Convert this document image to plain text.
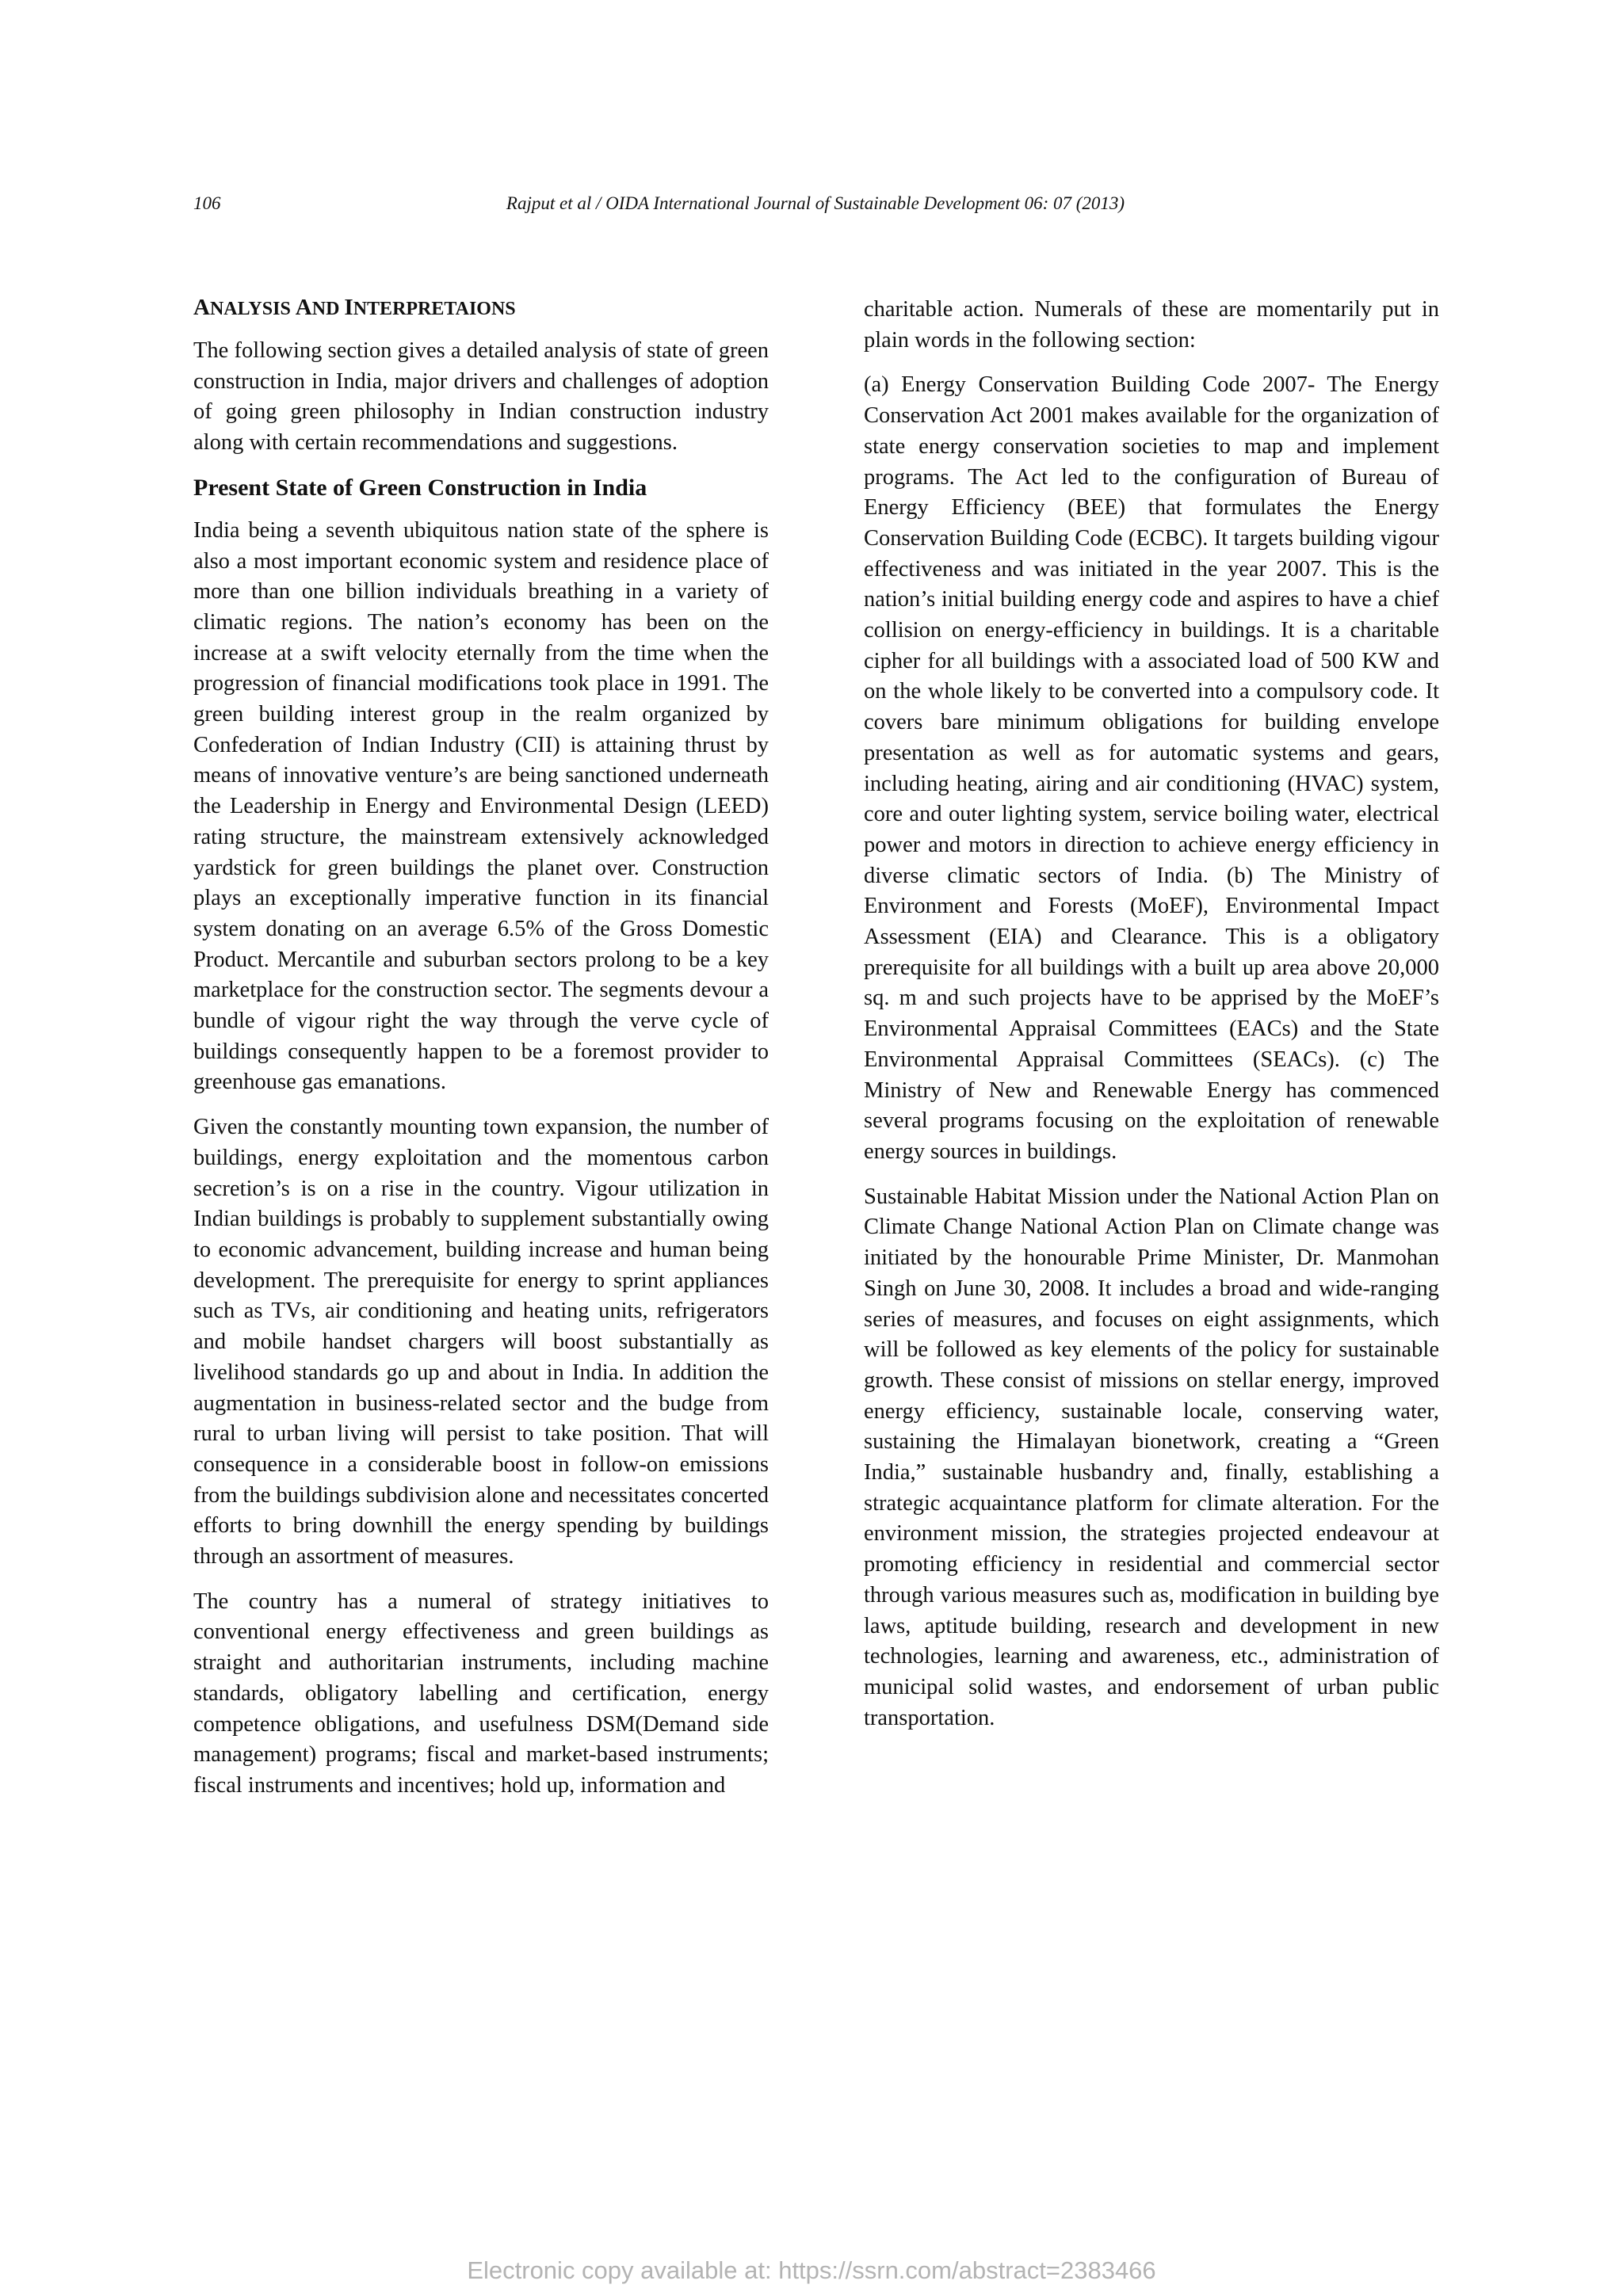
106	Rajput et al / OIDA International Journal of Sustainable Development 06: 07 (2013)
ANALYSIS AND INTERPRETAIONS

The following section gives a detailed analysis of state of green construction in India, major drivers and challenges of adoption of going green philosophy in Indian construction industry along with certain recommendations and suggestions.

Present State of Green Construction in India

India being a seventh ubiquitous nation state of the sphere is also a most important economic system and residence place of more than one billion individuals breathing in a variety of climatic regions. The nation’s economy has been on the increase at a swift velocity eternally from the time when the progression of financial modifications took place in 1991. The green building interest group in the realm organized by Confederation of Indian Industry (CII) is attaining thrust by means of innovative venture’s are being sanctioned underneath the Leadership in Energy and Environmental Design (LEED) rating structure, the mainstream extensively acknowledged yardstick for green buildings the planet over. Construction plays an exceptionally imperative function in its financial system donating on an average 6.5% of the Gross Domestic Product. Mercantile and suburban sectors prolong to be a key marketplace for the construction sector. The segments devour a bundle of vigour right the way through the verve cycle of buildings consequently happen to be a foremost provider to greenhouse gas emanations.

Given the constantly mounting town expansion, the number of buildings, energy exploitation and the momentous carbon secretion’s is on a rise in the country. Vigour utilization in Indian buildings is probably to supplement substantially owing to economic advancement, building increase and human being development. The prerequisite for energy to sprint appliances such as TVs, air conditioning and heating units, refrigerators and mobile handset chargers will boost substantially as livelihood standards go up and about in India. In addition the augmentation in business-related sector and the budge from rural to urban living will persist to take position. That will consequence in a considerable boost in follow-on emissions from the buildings subdivision alone and necessitates concerted efforts to bring downhill the energy spending by buildings through an assortment of measures.

The country has a numeral of strategy initiatives to conventional energy effectiveness and green buildings as straight and authoritarian instruments, including machine standards, obligatory labelling and certification, energy competence obligations, and usefulness DSM(Demand side management) programs; fiscal and market-based instruments; fiscal instruments and incentives; hold up, information and

charitable action. Numerals of these are momentarily put in plain words in the following section:

(a) Energy Conservation Building Code 2007- The Energy Conservation Act 2001 makes available for the organization of state energy conservation societies to map and implement programs. The Act led to the configuration of Bureau of Energy Efficiency (BEE) that formulates the Energy Conservation Building Code (ECBC). It targets building vigour effectiveness and was initiated in the year 2007. This is the nation’s initial building energy code and aspires to have a chief collision on energy-efficiency in buildings. It is a charitable cipher for all buildings with a associated load of 500 KW and on the whole likely to be converted into a compulsory code. It covers bare minimum obligations for building envelope presentation as well as for automatic systems and gears, including heating, airing and air conditioning (HVAC) system, core and outer lighting system, service boiling water, electrical power and motors in direction to achieve energy efficiency in diverse climatic sectors of India. (b) The Ministry of Environment and Forests (MoEF), Environmental Impact Assessment (EIA) and Clearance. This is a obligatory prerequisite for all buildings with a built up area above 20,000 sq. m and such projects have to be apprised by the MoEF’s Environmental Appraisal Committees (EACs) and the State Environmental Appraisal Committees (SEACs). (c) The Ministry of New and Renewable Energy has commenced several programs focusing on the exploitation of renewable energy sources in buildings.

Sustainable Habitat Mission under the National Action Plan on Climate Change National Action Plan on Climate change was initiated by the honourable Prime Minister, Dr. Manmohan Singh on June 30, 2008. It includes a broad and wide-ranging series of measures, and focuses on eight assignments, which will be followed as key elements of the policy for sustainable growth. These consist of missions on stellar energy, improved energy efficiency, sustainable locale, conserving water, sustaining the Himalayan bionetwork, creating a “Green India,” sustainable husbandry and, finally, establishing a strategic acquaintance platform for climate alteration. For the environment mission, the strategies projected endeavour at promoting efficiency in residential and commercial sector through various measures such as, modification in building bye laws, aptitude building, research and development in new technologies, learning and awareness, etc., administration of municipal solid wastes, and endorsement of urban public transportation.

Electronic copy available at: https://ssrn.com/abstract=2383466
